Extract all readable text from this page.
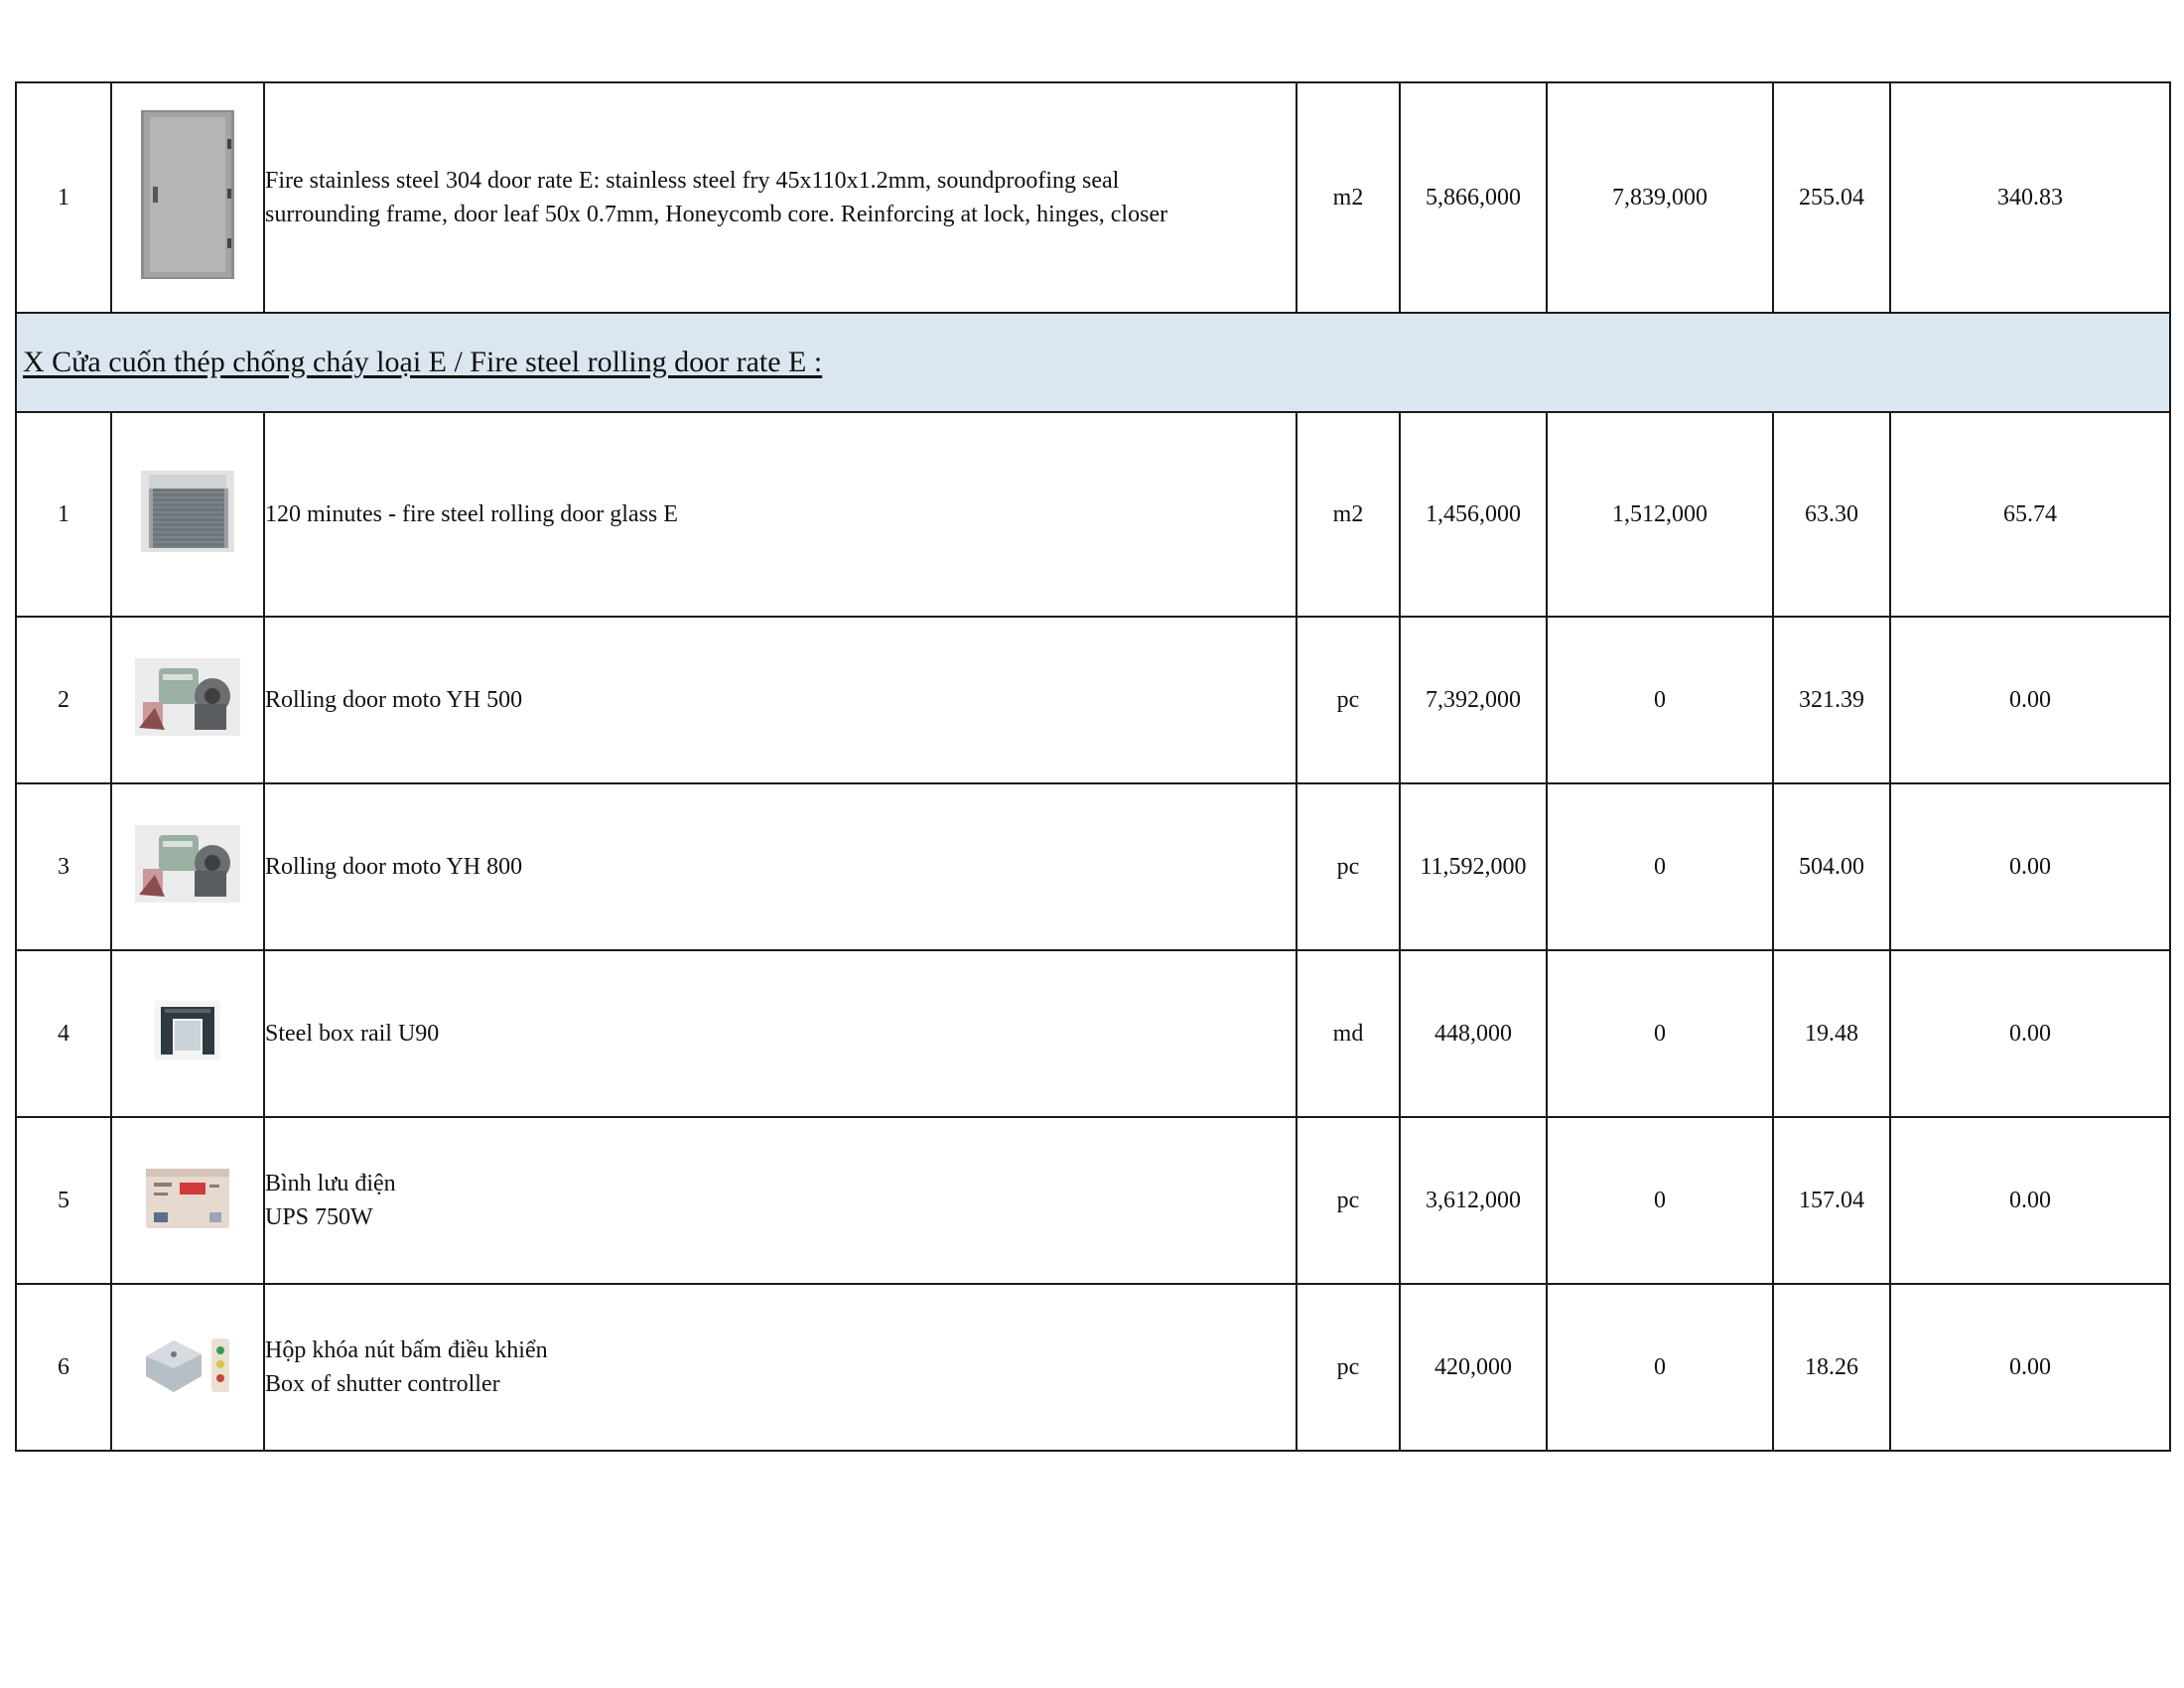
1		Fire stainless steel 304 door rate E: stainless steel fry 45x110x1.2mm, soundproofing seal
surrounding frame, door leaf 50x 0.7mm, Honeycomb core. Reinforcing at lock, hinges, closer	m2	5,866,000	7,839,000	255.04	340.83
X Cửa cuốn thép chống cháy loại E / Fire steel rolling door rate E :							
1		120 minutes - fire steel rolling door glass E	m2	1,456,000	1,512,000	63.30	65.74
2		Rolling door moto YH 500	pc	7,392,000	0	321.39	0.00
3		Rolling door moto YH 800	pc	11,592,000	0	504.00	0.00
4		Steel box rail U90	md	448,000	0	19.48	0.00
5		Bình lưu điện
UPS 750W	pc	3,612,000	0	157.04	0.00
6		Hộp khóa nút bấm điều khiển
Box of shutter controller	pc	420,000	0	18.26	0.00
